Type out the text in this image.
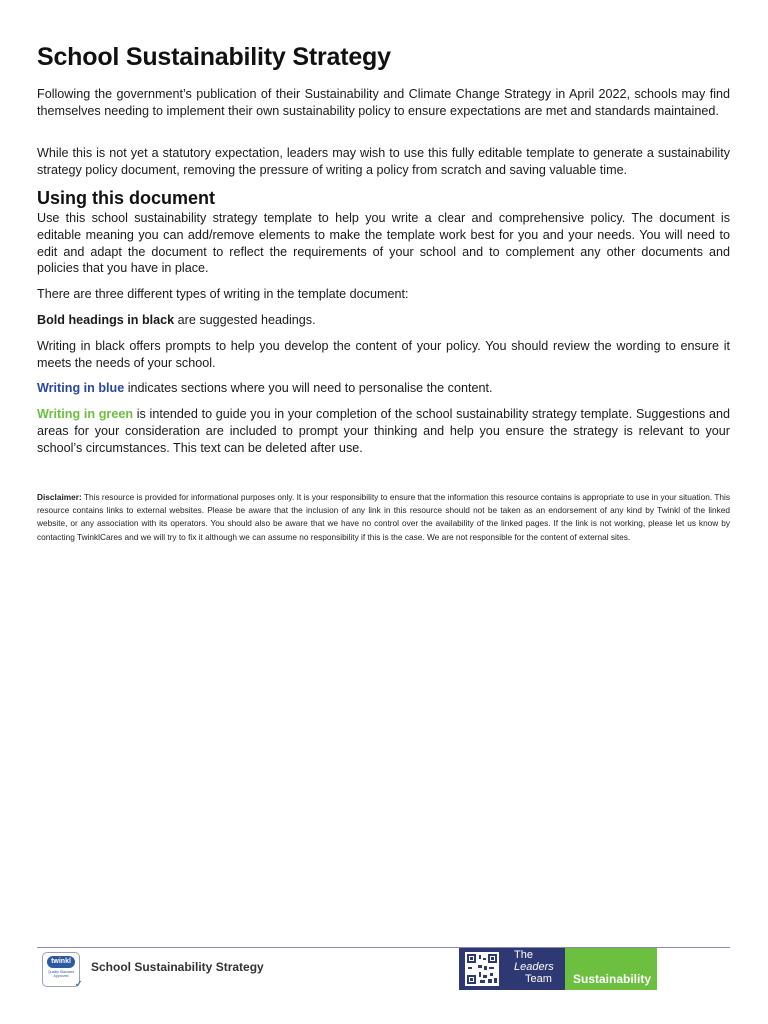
School Sustainability Strategy

Following the government’s publication of their Sustainability and Climate Change Strategy in April 2022, schools may find themselves needing to implement their own sustainability policy to ensure expectations are met and standards maintained.

While this is not yet a statutory expectation, leaders may wish to use this fully editable template to generate a sustainability strategy policy document, removing the pressure of writing a policy from scratch and saving valuable time.

Using this document

Use this school sustainability strategy template to help you write a clear and comprehensive policy. The document is editable meaning you can add/remove elements to make the template work best for you and your needs. You will need to edit and adapt the document to reflect the requirements of your school and to complement any other documents and policies that you have in place.

There are three different types of writing in the template document:

Bold headings in black are suggested headings.

Writing in black offers prompts to help you develop the content of your policy. You should review the wording to ensure it meets the needs of your school.

Writing in blue indicates sections where you will need to personalise the content.

Writing in green is intended to guide you in your completion of the school sustainability strategy template. Suggestions and areas for your consideration are included to prompt your thinking and help you ensure the strategy is relevant to your school’s circumstances. This text can be deleted after use.

Disclaimer: This resource is provided for informational purposes only. It is your responsibility to ensure that the information this resource contains is appropriate to use in your situation. This resource contains links to external websites. Please be aware that the inclusion of any link in this resource should not be taken as an endorsement of any kind by Twinkl of the linked website, or any association with its operators. You should also be aware that we have no control over the availability of the linked pages. If the link is not working, please let us know by contacting TwinklCares and we will try to fix it although we can assume no responsibility if this is the case. We are not responsible for the content of external sites.
twinkl
Quality Standard Approved
✓
School Sustainability Strategy
The
Leaders
Team Sustainability
